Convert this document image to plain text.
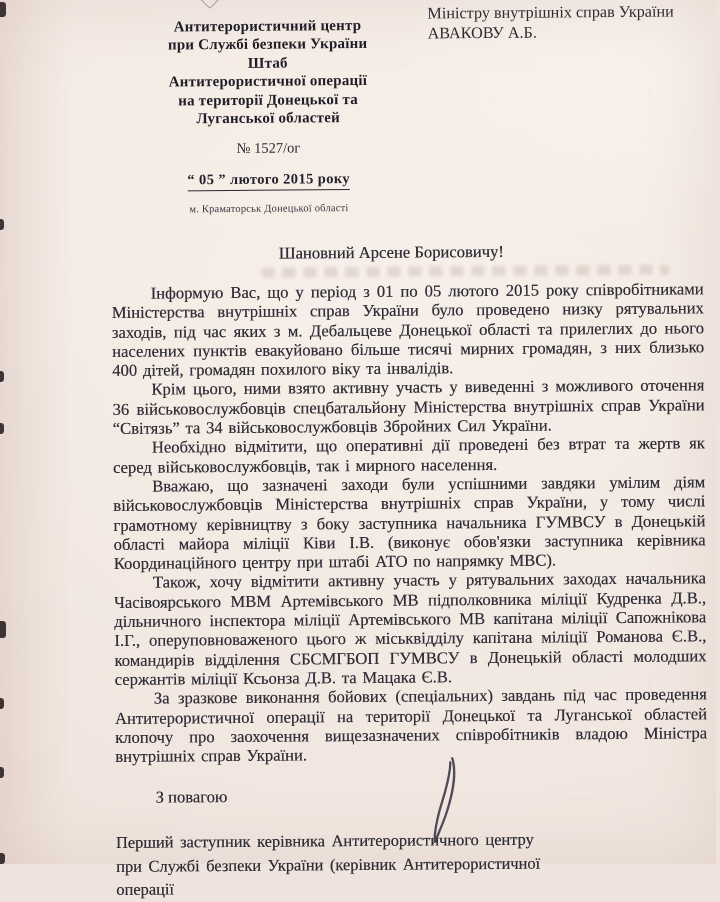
Антитерористичний центр
при Службі безпеки України
Штаб
Антитерористичної операції
на території Донецької та
Луганської областей
№ 1527/ог
“ 05 ” лютого 2015 року
м. Краматорськ Донецької області
Міністру внутрішніх справ України
АВАКОВУ А.Б.
Шановний Арсене Борисовичу!

Інформую Вас, що у період з 01 по 05 лютого 2015 року співробітниками Міністерства внутрішніх справ України було проведено низку рятувальних заходів, під час яких з м. Дебальцеве Донецької області та прилеглих до нього населених пунктів евакуйовано більше тисячі мирних громадян, з них близько 400 дітей, громадян похилого віку та інвалідів.

Крім цього, ними взято активну участь у виведенні з можливого оточення 36 військовослужбовців спецбатальйону Міністерства внутрішніх справ України “Світязь” та 34 військовослужбовців Збройних Сил України.

Необхідно відмітити, що оперативні дії проведені без втрат та жертв як серед військовослужбовців, так і мирного населення.

Вважаю, що зазначені заходи були успішними завдяки умілим діям військовослужбовців Міністерства внутрішніх справ України, у тому числі грамотному керівництву з боку заступника начальника ГУМВСУ в Донецькій області майора міліції Ківи І.В. (виконує обов'язки заступника керівника Координаційного центру при штабі АТО по напрямку МВС).

Також, хочу відмітити активну участь у рятувальних заходах начальника Часівоярського МВМ Артемівського МВ підполковника міліції Кудренка Д.В., дільничного інспектора міліції Артемівського МВ капітана міліції Сапожнікова І.Г., оперуповноваженого цього ж міськвідділу капітана міліції Романова Є.В., командирів відділення СБСМГБОП ГУМВСУ в Донецькій області молодших сержантів міліції Ксьонза Д.В. та Мацака Є.В.

За зразкове виконання бойових (спеціальних) завдань під час проведення Антитерористичної операції на території Донецької та Луганської областей клопочу про заохочення вищезазначених співробітників владою Міністра внутрішніх справ України.

З повагою
Перший заступник керівника Антитерористичного центру
при Службі безпеки України (керівник Антитерористичної операції
